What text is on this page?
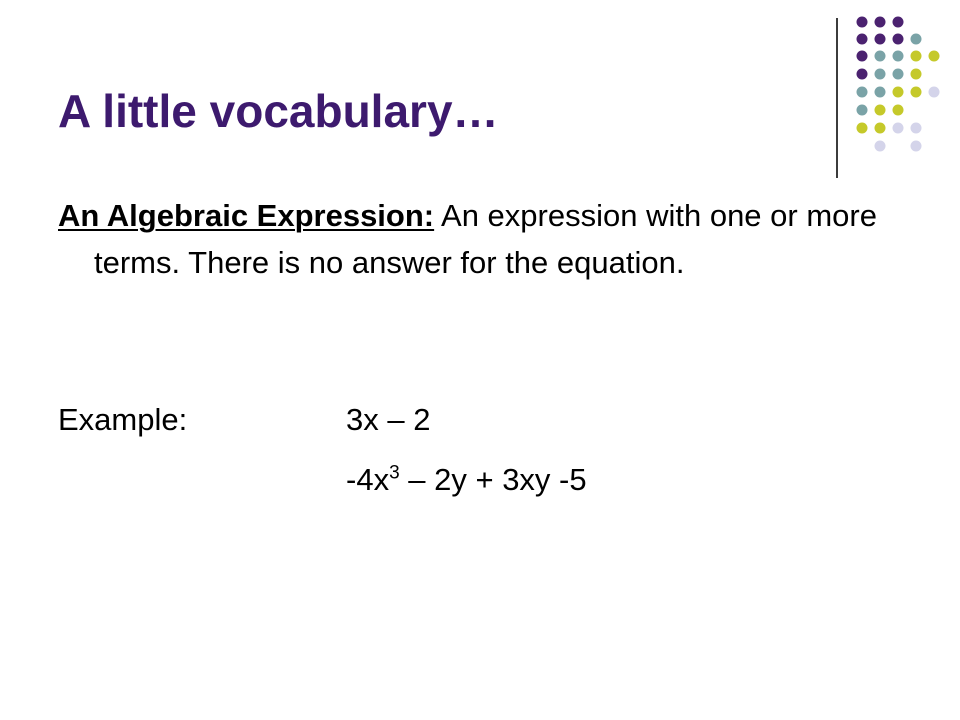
A little vocabulary…

An Algebraic Expression: An expression with one or more terms. There is no answer for the equation.

Example:	3x – 2
$-4x^3 - 2y + 3xy$ -5
